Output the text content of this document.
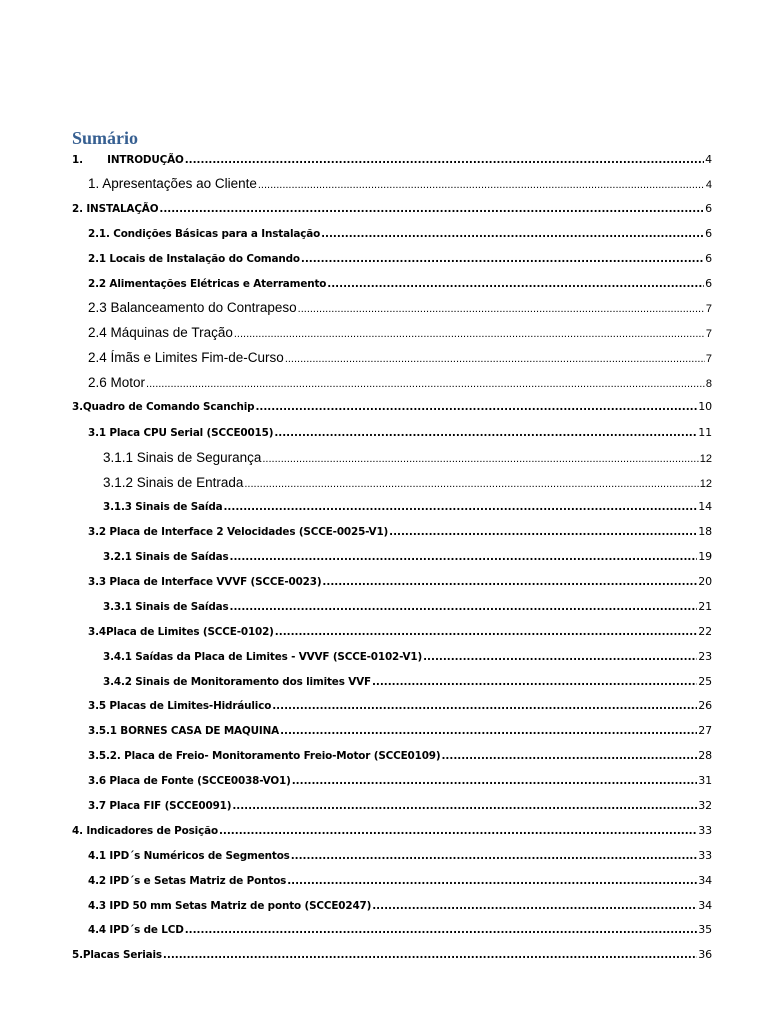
Sumário
1.       INTRODUÇÃO .....	4
1. Apresentações ao Cliente .....	4
2. INSTALAÇÃO .....	6
2.1. Condições Básicas para a Instalação .....	6
2.1 Locais de Instalação do Comando .....	6
2.2 Alimentações Elétricas e Aterramento .....	6
2.3 Balanceamento do Contrapeso .....	7
2.4 Máquinas de Tração .....	7
2.4 Ímãs e Limites Fim-de-Curso .....	7
2.6 Motor .....	8
3.Quadro de Comando Scanchip .....	10
3.1 Placa CPU Serial (SCCE0015) .....	11
3.1.1 Sinais de Segurança .....	12
3.1.2 Sinais de Entrada .....	12
3.1.3 Sinais de Saída .....	14
3.2 Placa de Interface 2 Velocidades (SCCE-0025-V1) .....	18
3.2.1 Sinais de Saídas .....	19
3.3 Placa de Interface VVVF (SCCE-0023) .....	20
3.3.1 Sinais de Saídas .....	21
3.4Placa de Limites (SCCE-0102) .....	22
3.4.1 Saídas da Placa de Limites - VVVF (SCCE-0102-V1) .....	23
3.4.2 Sinais de Monitoramento dos limites VVF .....	25
3.5 Placas de Limites-Hidráulico .....	26
3.5.1 BORNES CASA DE MAQUINA .....	27
3.5.2. Placa de Freio- Monitoramento Freio-Motor (SCCE0109) .....	28
3.6 Placa de Fonte (SCCE0038-VO1) .....	31
3.7 Placa FIF (SCCE0091) .....	32
4. Indicadores de Posição .....	33
4.1 IPD´s Numéricos de Segmentos .....	33
4.2 IPD´s e Setas Matriz de Pontos .....	34
4.3 IPD 50 mm Setas Matriz de ponto (SCCE0247) .....	34
4.4 IPD´s de LCD .....	35
5.Placas Seriais .....	36
